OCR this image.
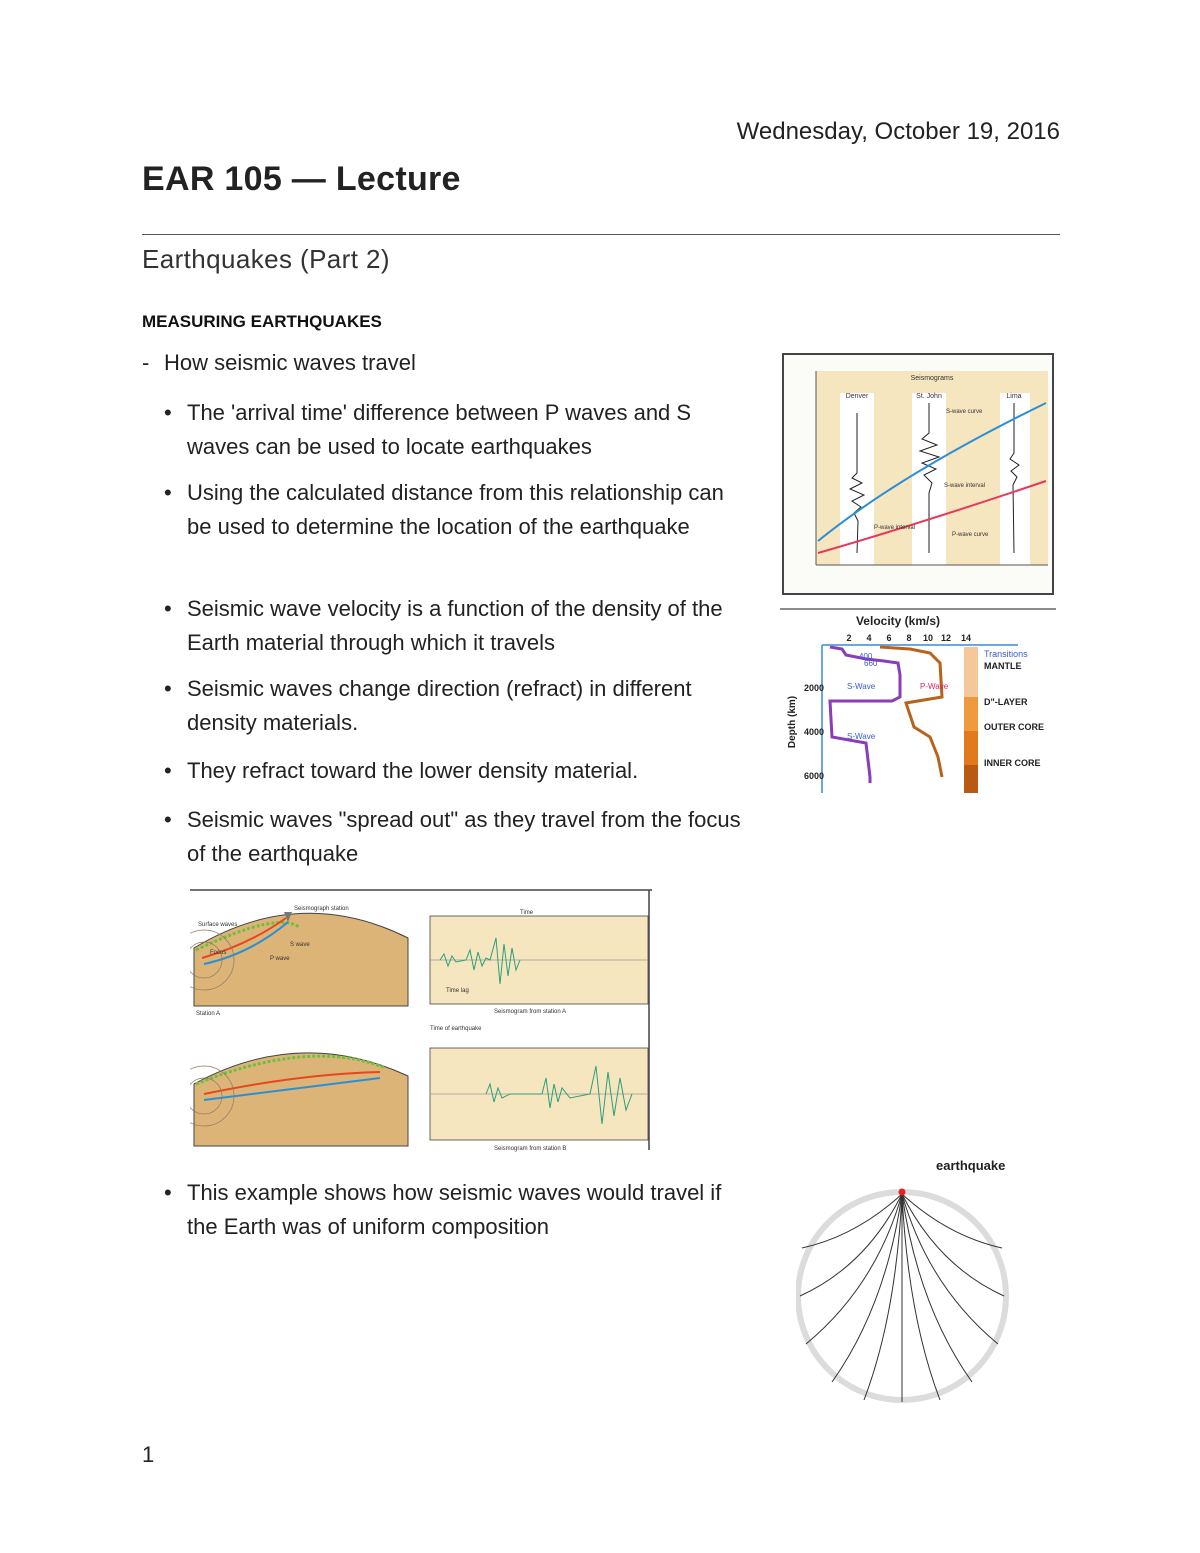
Wednesday, October 19, 2016
EAR 105 — Lecture
Earthquakes (Part 2)
MEASURING EARTHQUAKES
- How seismic waves travel
• The 'arrival time' difference between P waves and S waves can be used to locate earthquakes
• Using the calculated distance from this relationship can be used to determine the location of the earthquake
• Seismic wave velocity is a function of the density of the Earth material through which it travels
• Seismic waves change direction (refract) in different density materials.
• They refract toward the lower density material.
• Seismic waves "spread out" as they travel from the focus of the earthquake
• This example shows how seismic waves would travel if the Earth was of uniform composition
Seismograms
Denver	St. John	Lima
S-wave curve
P-wave curve
S-wave interval
P-wave interval
Velocity (km/s)
2 4 6 8 10 12 14
400
660
S-Wave	P-Wave
S-Wave
Depth (km)
2000
4000
6000
Transitions
MANTLE
D"-LAYER
OUTER CORE
INNER CORE
Surface waves
Seismograph station
Focus
P wave
S wave
Station A
Time
Time lag
Seismogram from station A
Time of earthquake
Seismogram from station B
earthquake
1
